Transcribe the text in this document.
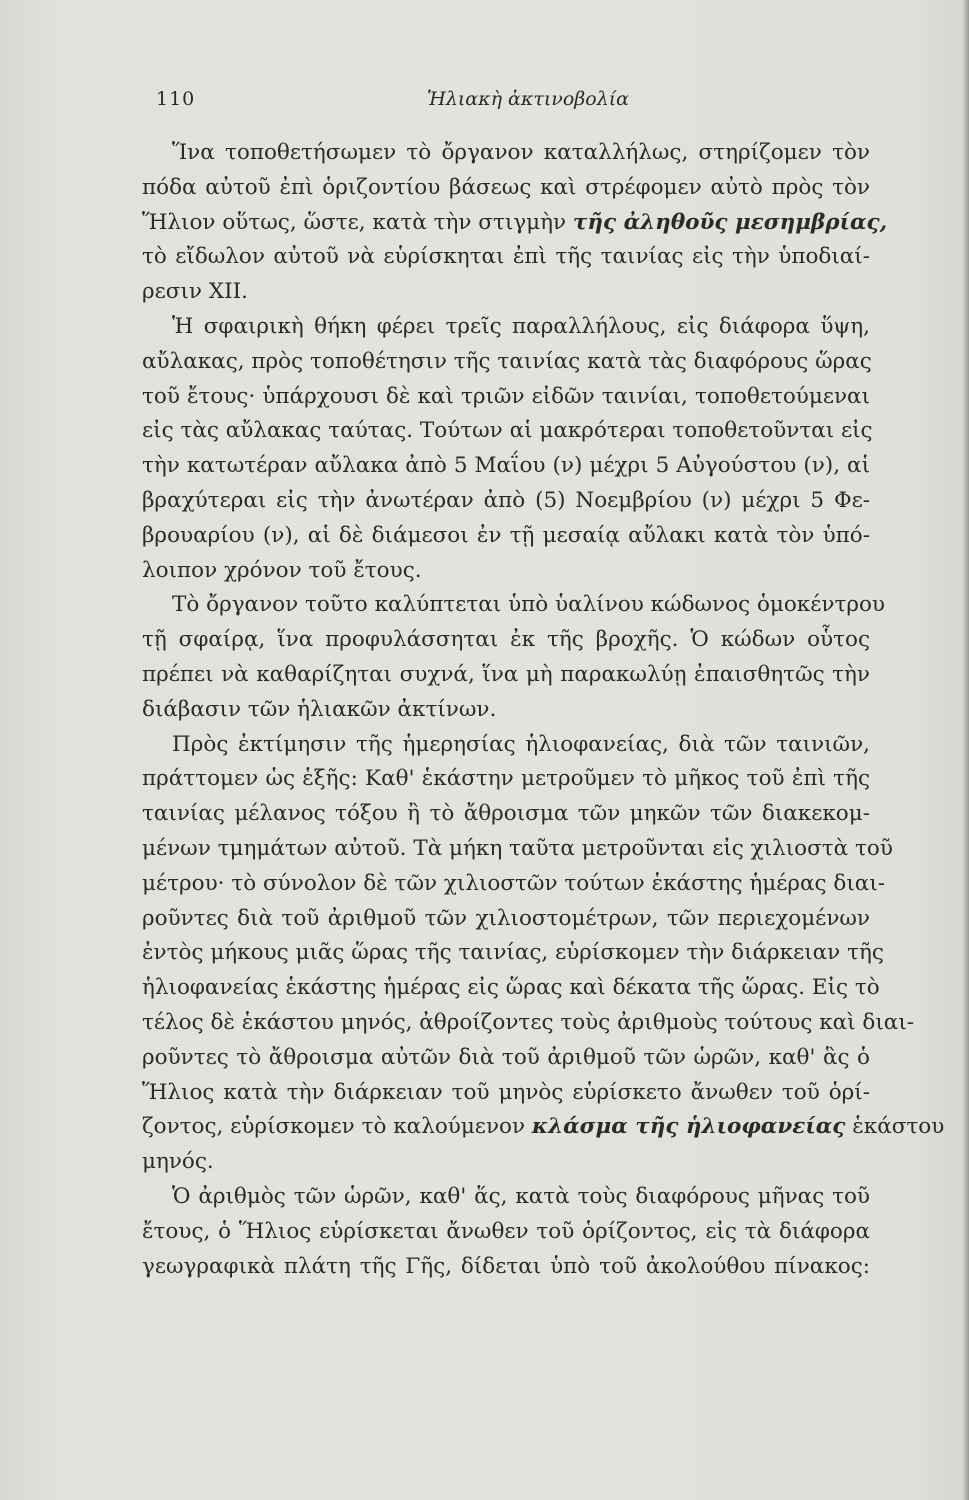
110	Ἡλιακὴ ἀκτινοβολία
Ἵνα τοποθετήσωμεν τὸ ὄργανον καταλλήλως, στηρίζομεν τὸν
πόδα αὐτοῦ ἐπὶ ὁριζοντίου βάσεως καὶ στρέφομεν αὐτὸ πρὸς τὸν
Ἥλιον οὕτως, ὥστε, κατὰ τὴν στιγμὴν τῆς ἀληθοῦς μεσημβρίας,
τὸ εἴδωλον αὐτοῦ νὰ εὑρίσκηται ἐπὶ τῆς ταινίας εἰς τὴν ὑποδιαί-
ρεσιν XII.
Ἡ σφαιρικὴ θήκη φέρει τρεῖς παραλλήλους, εἰς διάφορα ὕψη,
αὔλακας, πρὸς τοποθέτησιν τῆς ταινίας κατὰ τὰς διαφόρους ὥρας
τοῦ ἔτους· ὑπάρχουσι δὲ καὶ τριῶν εἰδῶν ταινίαι, τοποθετούμεναι
εἰς τὰς αὔλακας ταύτας. Τούτων αἱ μακρότεραι τοποθετοῦνται εἰς
τὴν κατωτέραν αὔλακα ἀπὸ 5 Μαΐου (ν) μέχρι 5 Αὐγούστου (ν), αἱ
βραχύτεραι εἰς τὴν ἀνωτέραν ἀπὸ (5) Νοεμβρίου (ν) μέχρι 5 Φε-
βρουαρίου (ν), αἱ δὲ διάμεσοι ἐν τῇ μεσαίᾳ αὔλακι κατὰ τὸν ὑπό-
λοιπον χρόνον τοῦ ἔτους.
Τὸ ὄργανον τοῦτο καλύπτεται ὑπὸ ὑαλίνου κώδωνος ὁμοκέντρου
τῇ σφαίρᾳ, ἵνα προφυλάσσηται ἐκ τῆς βροχῆς. Ὁ κώδων οὗτος
πρέπει νὰ καθαρίζηται συχνά, ἵνα μὴ παρακωλύῃ ἐπαισθητῶς τὴν
διάβασιν τῶν ἡλιακῶν ἀκτίνων.
Πρὸς ἐκτίμησιν τῆς ἡμερησίας ἡλιοφανείας, διὰ τῶν ταινιῶν,
πράττομεν ὡς ἑξῆς: Καθ' ἑκάστην μετροῦμεν τὸ μῆκος τοῦ ἐπὶ τῆς
ταινίας μέλανος τόξου ἢ τὸ ἄθροισμα τῶν μηκῶν τῶν διακεκομ-
μένων τμημάτων αὐτοῦ. Τὰ μήκη ταῦτα μετροῦνται εἰς χιλιοστὰ τοῦ
μέτρου· τὸ σύνολον δὲ τῶν χιλιοστῶν τούτων ἑκάστης ἡμέρας διαι-
ροῦντες διὰ τοῦ ἀριθμοῦ τῶν χιλιοστομέτρων, τῶν περιεχομένων
ἐντὸς μήκους μιᾶς ὥρας τῆς ταινίας, εὑρίσκομεν τὴν διάρκειαν τῆς
ἡλιοφανείας ἑκάστης ἡμέρας εἰς ὥρας καὶ δέκατα τῆς ὥρας. Εἰς τὸ
τέλος δὲ ἑκάστου μηνός, ἀθροίζοντες τοὺς ἀριθμοὺς τούτους καὶ διαι-
ροῦντες τὸ ἄθροισμα αὐτῶν διὰ τοῦ ἀριθμοῦ τῶν ὡρῶν, καθ' ἃς ὁ
Ἥλιος κατὰ τὴν διάρκειαν τοῦ μηνὸς εὑρίσκετο ἄνωθεν τοῦ ὁρί-
ζοντος, εὑρίσκομεν τὸ καλούμενον κλάσμα τῆς ἡλιοφανείας ἑκάστου
μηνός.
Ὁ ἀριθμὸς τῶν ὡρῶν, καθ' ἅς, κατὰ τοὺς διαφόρους μῆνας τοῦ
ἔτους, ὁ Ἥλιος εὑρίσκεται ἄνωθεν τοῦ ὁρίζοντος, εἰς τὰ διάφορα
γεωγραφικὰ πλάτη τῆς Γῆς, δίδεται ὑπὸ τοῦ ἀκολούθου πίνακος:
